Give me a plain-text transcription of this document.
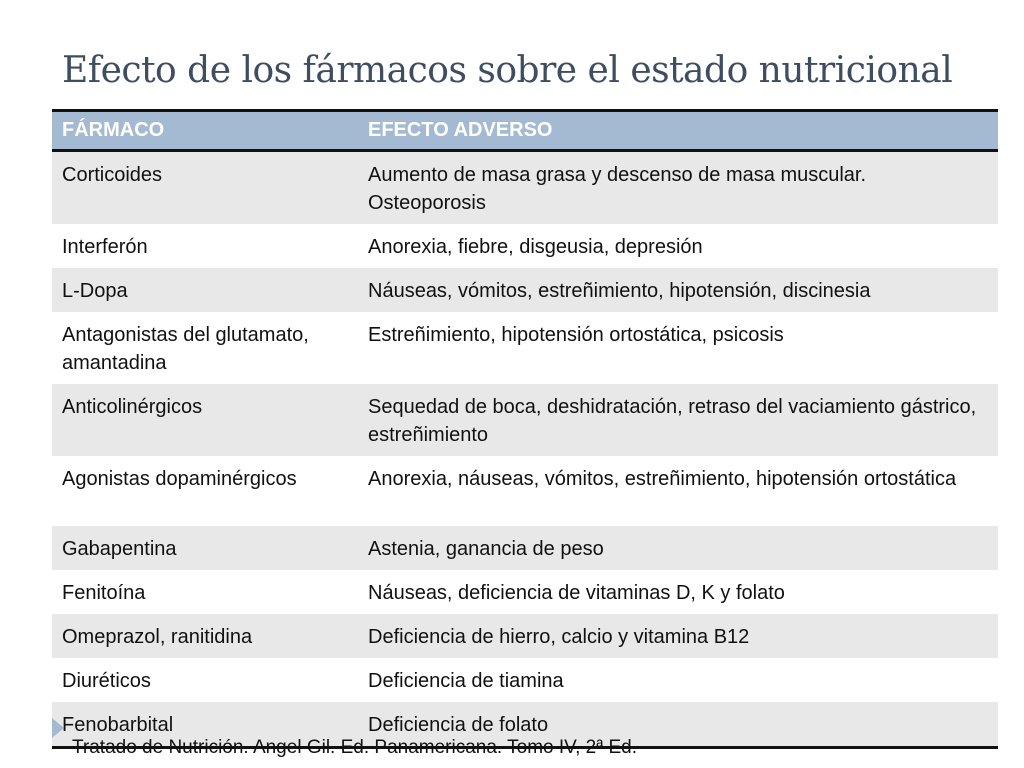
Efecto de los fármacos sobre el estado nutricional
FÁRMACO	EFECTO ADVERSO
Corticoides	Aumento de masa grasa y descenso de masa muscular. Osteoporosis
Interferón	Anorexia, fiebre, disgeusia, depresión
L-Dopa	Náuseas, vómitos, estreñimiento, hipotensión, discinesia
Antagonistas del glutamato, amantadina	Estreñimiento, hipotensión ortostática, psicosis
Anticolinérgicos	Sequedad de boca, deshidratación, retraso del vaciamiento gástrico, estreñimiento
Agonistas dopaminérgicos	Anorexia, náuseas, vómitos, estreñimiento, hipotensión ortostática
Gabapentina	Astenia, ganancia de peso
Fenitoína	Náuseas, deficiencia de vitaminas D, K y folato
Omeprazol, ranitidina	Deficiencia de hierro, calcio y vitamina B12
Diuréticos	Deficiencia de tiamina
Fenobarbital	Deficiencia de folato

Tratado de Nutrición. Angel Gil. Ed. Panamericana. Tomo IV, 2ª Ed.
